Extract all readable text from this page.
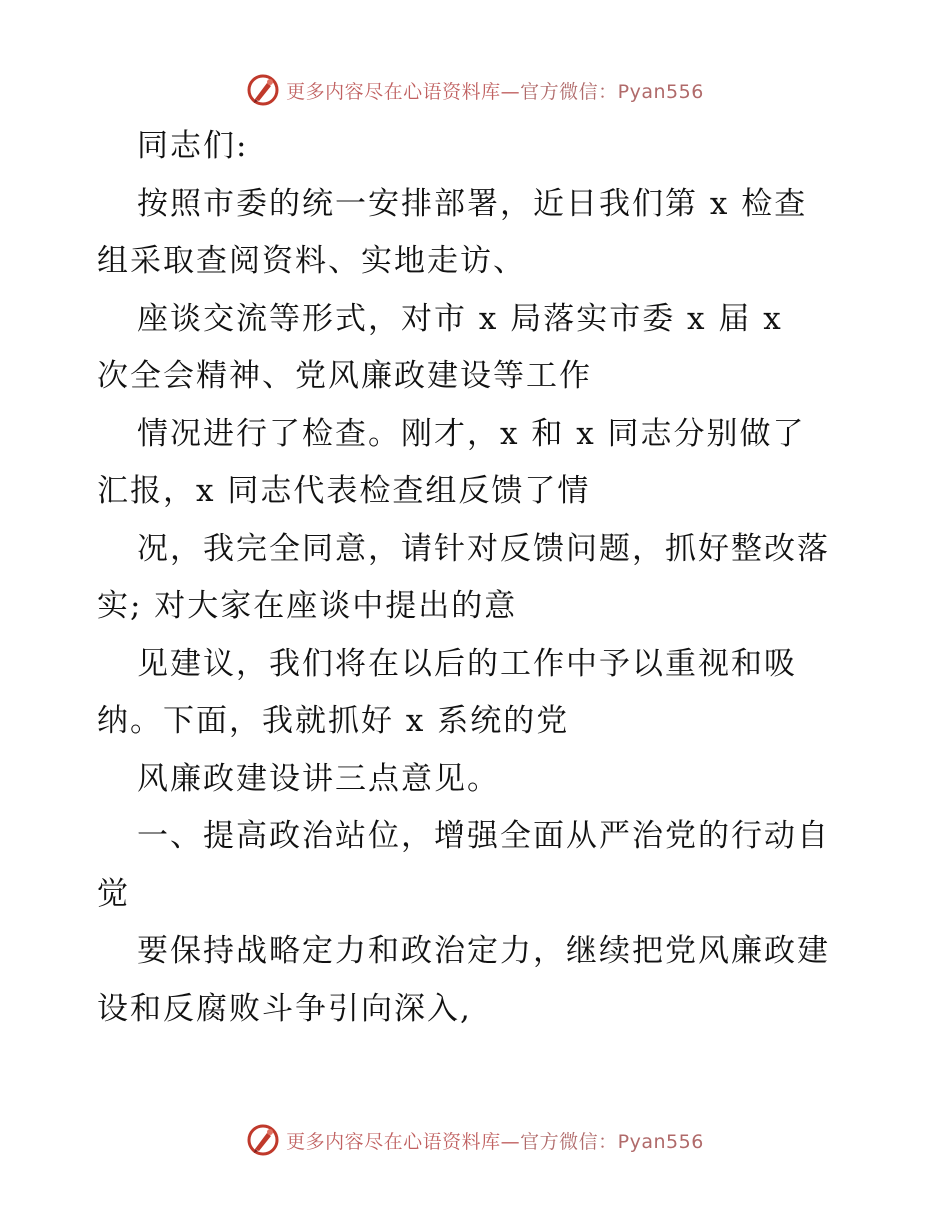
更多内容尽在心语资料库—官方微信：Pyan556
同志们:
按照市委的统一安排部署，近日我们第 x 检查
组采取查阅资料、实地走访、
座谈交流等形式，对市 x 局落实市委 x 届 x
次全会精神、党风廉政建设等工作
情况进行了检查。刚才，x 和 x 同志分别做了
汇报，x 同志代表检查组反馈了情
况，我完全同意，请针对反馈问题，抓好整改落
实; 对大家在座谈中提出的意
见建议，我们将在以后的工作中予以重视和吸
纳。下面，我就抓好 x 系统的党
风廉政建设讲三点意见。
一、提高政治站位，增强全面从严治党的行动自
觉
要保持战略定力和政治定力，继续把党风廉政建
设和反腐败斗争引向深入,
更多内容尽在心语资料库—官方微信：Pyan556
